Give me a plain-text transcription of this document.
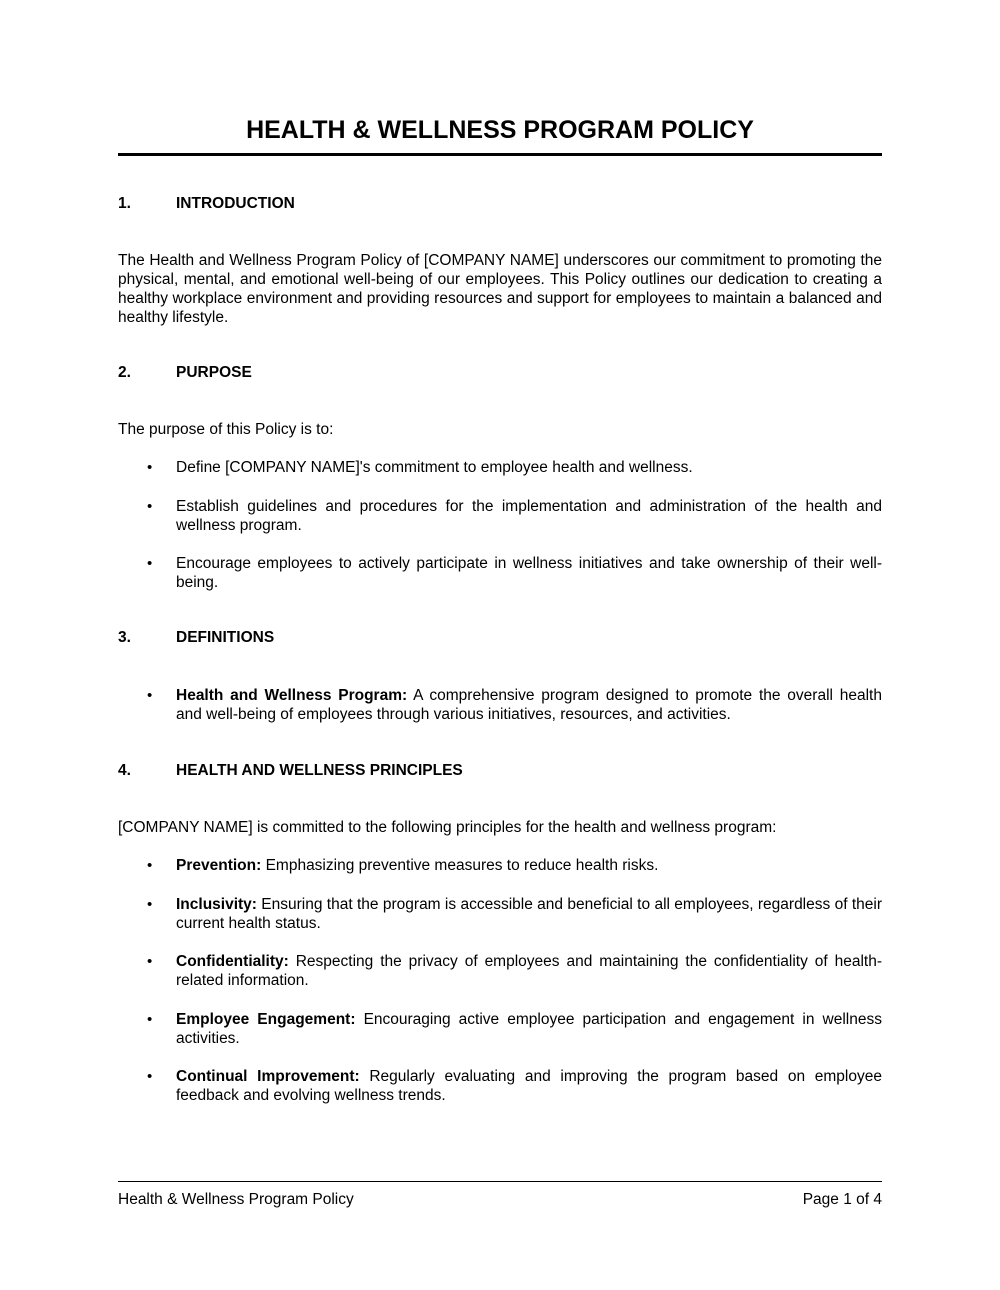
HEALTH & WELLNESS PROGRAM POLICY
1.	INTRODUCTION
The Health and Wellness Program Policy of [COMPANY NAME] underscores our commitment to promoting the physical, mental, and emotional well-being of our employees. This Policy outlines our dedication to creating a healthy workplace environment and providing resources and support for employees to maintain a balanced and healthy lifestyle.
2.	PURPOSE
The purpose of this Policy is to:
• Define [COMPANY NAME]'s commitment to employee health and wellness.
• Establish guidelines and procedures for the implementation and administration of the health and wellness program.
• Encourage employees to actively participate in wellness initiatives and take ownership of their well-being.
3.	DEFINITIONS
• Health and Wellness Program: A comprehensive program designed to promote the overall health and well-being of employees through various initiatives, resources, and activities.
4.	HEALTH AND WELLNESS PRINCIPLES
[COMPANY NAME] is committed to the following principles for the health and wellness program:
• Prevention: Emphasizing preventive measures to reduce health risks.
• Inclusivity: Ensuring that the program is accessible and beneficial to all employees, regardless of their current health status.
• Confidentiality: Respecting the privacy of employees and maintaining the confidentiality of health-related information.
• Employee Engagement: Encouraging active employee participation and engagement in wellness activities.
• Continual Improvement: Regularly evaluating and improving the program based on employee feedback and evolving wellness trends.
Health & Wellness Program Policy	Page 1 of 4
